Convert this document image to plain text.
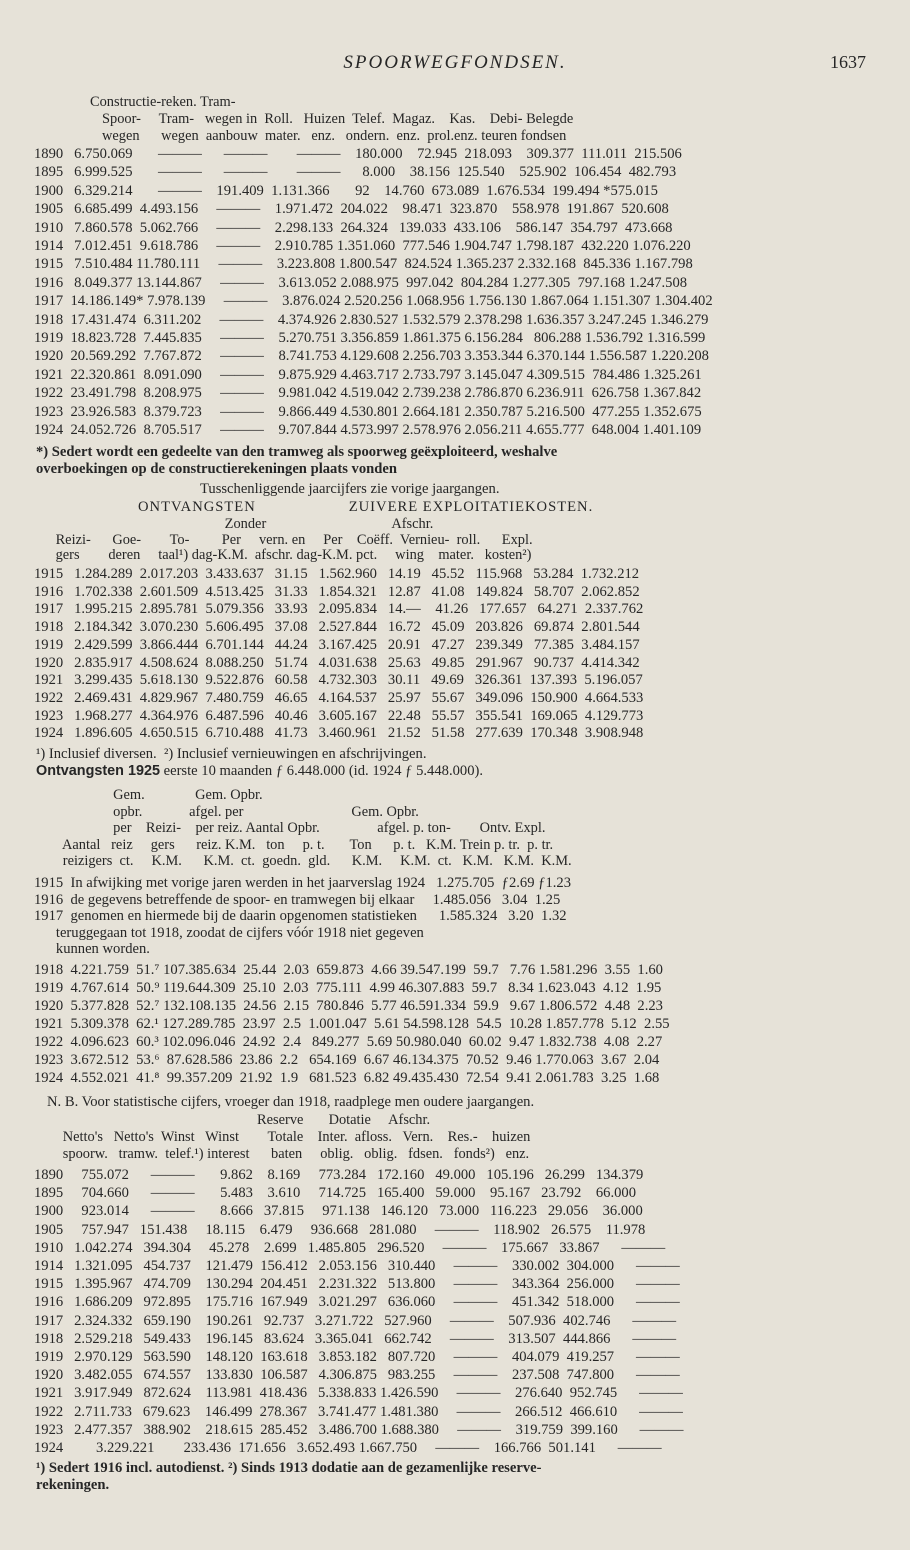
SPOORWEGFONDSEN.	1637
Constructie-reken. Tram-
Spoor-     Tram-   wegen in  Roll.   Huizen  Telef.  Magaz.    Kas.    Debi- Belegde
wegen      wegen  aanbouw  mater.   enz.   ondern.  enz.  prol.enz. teuren fondsen
1890   6.750.069       ———      ———        ———    180.000    72.945  218.093    309.377  111.011  215.506
1895   6.999.525       ———      ———        ———      8.000    38.156  125.540    525.902  106.454  482.793
1900   6.329.214       ———    191.409  1.131.366       92    14.760  673.089  1.676.534  199.494 *575.015
1905   6.685.499  4.493.156     ———    1.971.472  204.022    98.471  323.870    558.978  191.867  520.608
1910   7.860.578  5.062.766     ———    2.298.133  264.324   139.033  433.106    586.147  354.797  473.668
1914   7.012.451  9.618.786     ———    2.910.785 1.351.060  777.546 1.904.747 1.798.187  432.220 1.076.220
1915   7.510.484 11.780.111     ———    3.223.808 1.800.547  824.524 1.365.237 2.332.168  845.336 1.167.798
1916   8.049.377 13.144.867     ———    3.613.052 2.088.975  997.042  804.284 1.277.305  797.168 1.247.508
1917  14.186.149* 7.978.139     ———    3.876.024 2.520.256 1.068.956 1.756.130 1.867.064 1.151.307 1.304.402
1918  17.431.474  6.311.202     ———    4.374.926 2.830.527 1.532.579 2.378.298 1.636.357 3.247.245 1.346.279
1919  18.823.728  7.445.835     ———    5.270.751 3.356.859 1.861.375 6.156.284   806.288 1.536.792 1.316.599
1920  20.569.292  7.767.872     ———    8.741.753 4.129.608 2.256.703 3.353.344 6.370.144 1.556.587 1.220.208
1921  22.320.861  8.091.090     ———    9.875.929 4.463.717 2.733.797 3.145.047 4.309.515  784.486 1.325.261
1922  23.491.798  8.208.975     ———    9.981.042 4.519.042 2.739.238 2.786.870 6.236.911  626.758 1.367.842
1923  23.926.583  8.379.723     ———    9.866.449 4.530.801 2.664.181 2.350.787 5.216.500  477.255 1.352.675
1924  24.052.726  8.705.517     ———    9.707.844 4.573.997 2.578.976 2.056.211 4.655.777  648.004 1.401.109
*) Sedert wordt een gedeelte van den tramweg als spoorweg geëxploiteerd, weshalve
overboekingen op de constructierekeningen plaats vonden
Tusschenliggende jaarcijfers zie vorige jaargangen.
ONTVANGSTEN                    ZUIVERE EXPLOITATIEKOSTEN.
Zonder                                   Afschr.
Reizi-      Goe-        To-         Per     vern. en     Per    Coëff.  Vernieu-  roll.      Expl.
gers        deren     taal¹) dag-K.M.  afschr. dag-K.M. pct.     wing    mater.   kosten²)
1915   1.284.289  2.017.203  3.433.637   31.15   1.562.960   14.19   45.52   115.968   53.284  1.732.212
1916   1.702.338  2.601.509  4.513.425   31.33   1.854.321   12.87   41.08   149.824   58.707  2.062.852
1917   1.995.215  2.895.781  5.079.356   33.93   2.095.834   14.—    41.26   177.657   64.271  2.337.762
1918   2.184.342  3.070.230  5.606.495   37.08   2.527.844   16.72   45.09   203.826   69.874  2.801.544
1919   2.429.599  3.866.444  6.701.144   44.24   3.167.425   20.91   47.27   239.349   77.385  3.484.157
1920   2.835.917  4.508.624  8.088.250   51.74   4.031.638   25.63   49.85   291.967   90.737  4.414.342
1921   3.299.435  5.618.130  9.522.876   60.58   4.732.303   30.11   49.69   326.361  137.393  5.196.057
1922   2.469.431  4.829.967  7.480.759   46.65   4.164.537   25.97   55.67   349.096  150.900  4.664.533
1923   1.968.277  4.364.976  6.487.596   40.46   3.605.167   22.48   55.57   355.541  169.065  4.129.773
1924   1.896.605  4.650.515  6.710.488   41.73   3.460.961   21.52   51.58   277.639  170.348  3.908.948
¹) Inclusief diversen.  ²) Inclusief vernieuwingen en afschrijvingen.
Ontvangsten 1925 eerste 10 maanden ƒ 6.448.000 (id. 1924 ƒ 5.448.000).
Gem.              Gem. Opbr.
opbr.             afgel. per                              Gem. Opbr.
per    Reizi-    per reiz. Aantal Opbr.                afgel. p. ton-        Ontv. Expl.
Aantal   reiz     gers      reiz. K.M.   ton     p. t.       Ton      p. t.   K.M. Trein p. tr.  p. tr.
reizigers  ct.     K.M.      K.M.  ct.  goedn.  gld.      K.M.     K.M.  ct.   K.M.   K.M.  K.M.
1915  In afwijking met vorige jaren werden in het jaarverslag 1924   1.275.705  ƒ2.69 ƒ1.23
1916  de gegevens betreffende de spoor- en tramwegen bij elkaar     1.485.056   3.04  1.25
1917  genomen en hiermede bij de daarin opgenomen statistieken      1.585.324   3.20  1.32
teruggegaan tot 1918, zoodat de cijfers vóór 1918 niet gegeven
kunnen worden.
1918  4.221.759  51.⁷ 107.385.634  25.44  2.03  659.873  4.66 39.547.199  59.7   7.76 1.581.296  3.55  1.60
1919  4.767.614  50.⁹ 119.644.309  25.10  2.03  775.111  4.99 46.307.883  59.7   8.34 1.623.043  4.12  1.95
1920  5.377.828  52.⁷ 132.108.135  24.56  2.15  780.846  5.77 46.591.334  59.9   9.67 1.806.572  4.48  2.23
1921  5.309.378  62.¹ 127.289.785  23.97  2.5  1.001.047  5.61 54.598.128  54.5  10.28 1.857.778  5.12  2.55
1922  4.096.623  60.³ 102.096.046  24.92  2.4   849.277  5.69 50.980.040  60.02  9.47 1.832.738  4.08  2.27
1923  3.672.512  53.⁶  87.628.586  23.86  2.2   654.169  6.67 46.134.375  70.52  9.46 1.770.063  3.67  2.04
1924  4.552.021  41.⁸  99.357.209  21.92  1.9   681.523  6.82 49.435.430  72.54  9.41 2.061.783  3.25  1.68
N. B. Voor statistische cijfers, vroeger dan 1918, raadplege men oudere jaargangen.
Reserve       Dotatie     Afschr.
Netto's   Netto's  Winst   Winst        Totale    Inter.  afloss.   Vern.    Res.-    huizen
spoorw.   tramw.  telef.¹) interest      baten     oblig.   oblig.   fdsen.   fonds²)   enz.
1890     755.072      ———       9.862    8.169     773.284   172.160   49.000   105.196   26.299   134.379
1895     704.660      ———       5.483    3.610     714.725   165.400   59.000    95.167   23.792    66.000
1900     923.014      ———       8.666   37.815     971.138   146.120   73.000   116.223   29.056    36.000
1905     757.947   151.438     18.115    6.479     936.668   281.080     ———    118.902   26.575    11.978
1910   1.042.274   394.304     45.278    2.699   1.485.805   296.520     ———    175.667   33.867      ———
1914   1.321.095   454.737    121.479  156.412   2.053.156   310.440     ———    330.002  304.000      ———
1915   1.395.967   474.709    130.294  204.451   2.231.322   513.800     ———    343.364  256.000      ———
1916   1.686.209   972.895    175.716  167.949   3.021.297   636.060     ———    451.342  518.000      ———
1917   2.324.332   659.190    190.261   92.737   3.271.722   527.960     ———    507.936  402.746      ———
1918   2.529.218   549.433    196.145   83.624   3.365.041   662.742     ———    313.507  444.866      ———
1919   2.970.129   563.590    148.120  163.618   3.853.182   807.720     ———    404.079  419.257      ———
1920   3.482.055   674.557    133.830  106.587   4.306.875   983.255     ———    237.508  747.800      ———
1921   3.917.949   872.624    113.981  418.436   5.338.833 1.426.590     ———    276.640  952.745      ———
1922   2.711.733   679.623    146.499  278.367   3.741.477 1.481.380     ———    266.512  466.610      ———
1923   2.477.357   388.902    218.615  285.452   3.486.700 1.688.380     ———    319.759  399.160      ———
1924         3.229.221        233.436  171.656   3.652.493 1.667.750     ———    166.766  501.141      ———
¹) Sedert 1916 incl. autodienst. ²) Sinds 1913 dodatie aan de gezamenlijke reserve-
rekeningen.
